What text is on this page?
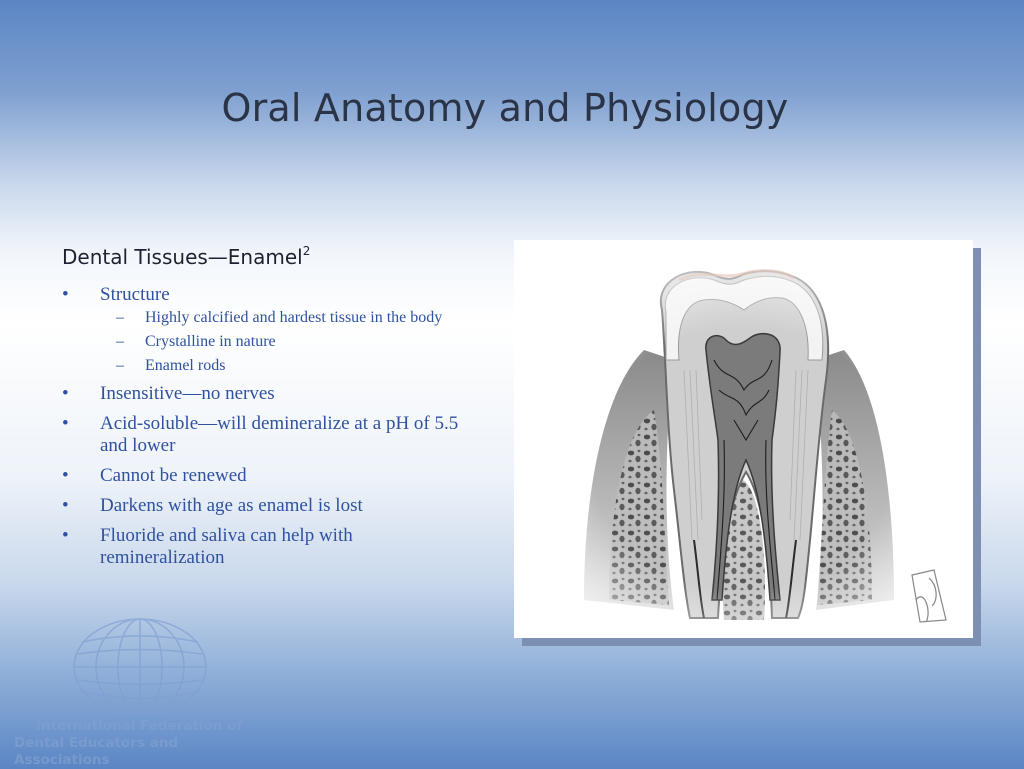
Oral Anatomy and Physiology
Dental Tissues—Enamel$^2$
• Structure
– Highly calcified and hardest tissue in the body
– Crystalline in nature
– Enamel rods
• Insensitive—no nerves
• Acid-soluble—will demineralize at a pH of 5.5 and lower
• Cannot be renewed
• Darkens with age as enamel is lost
• Fluoride and saliva can help with remineralization
International Federation of
Dental Educators and Associations
